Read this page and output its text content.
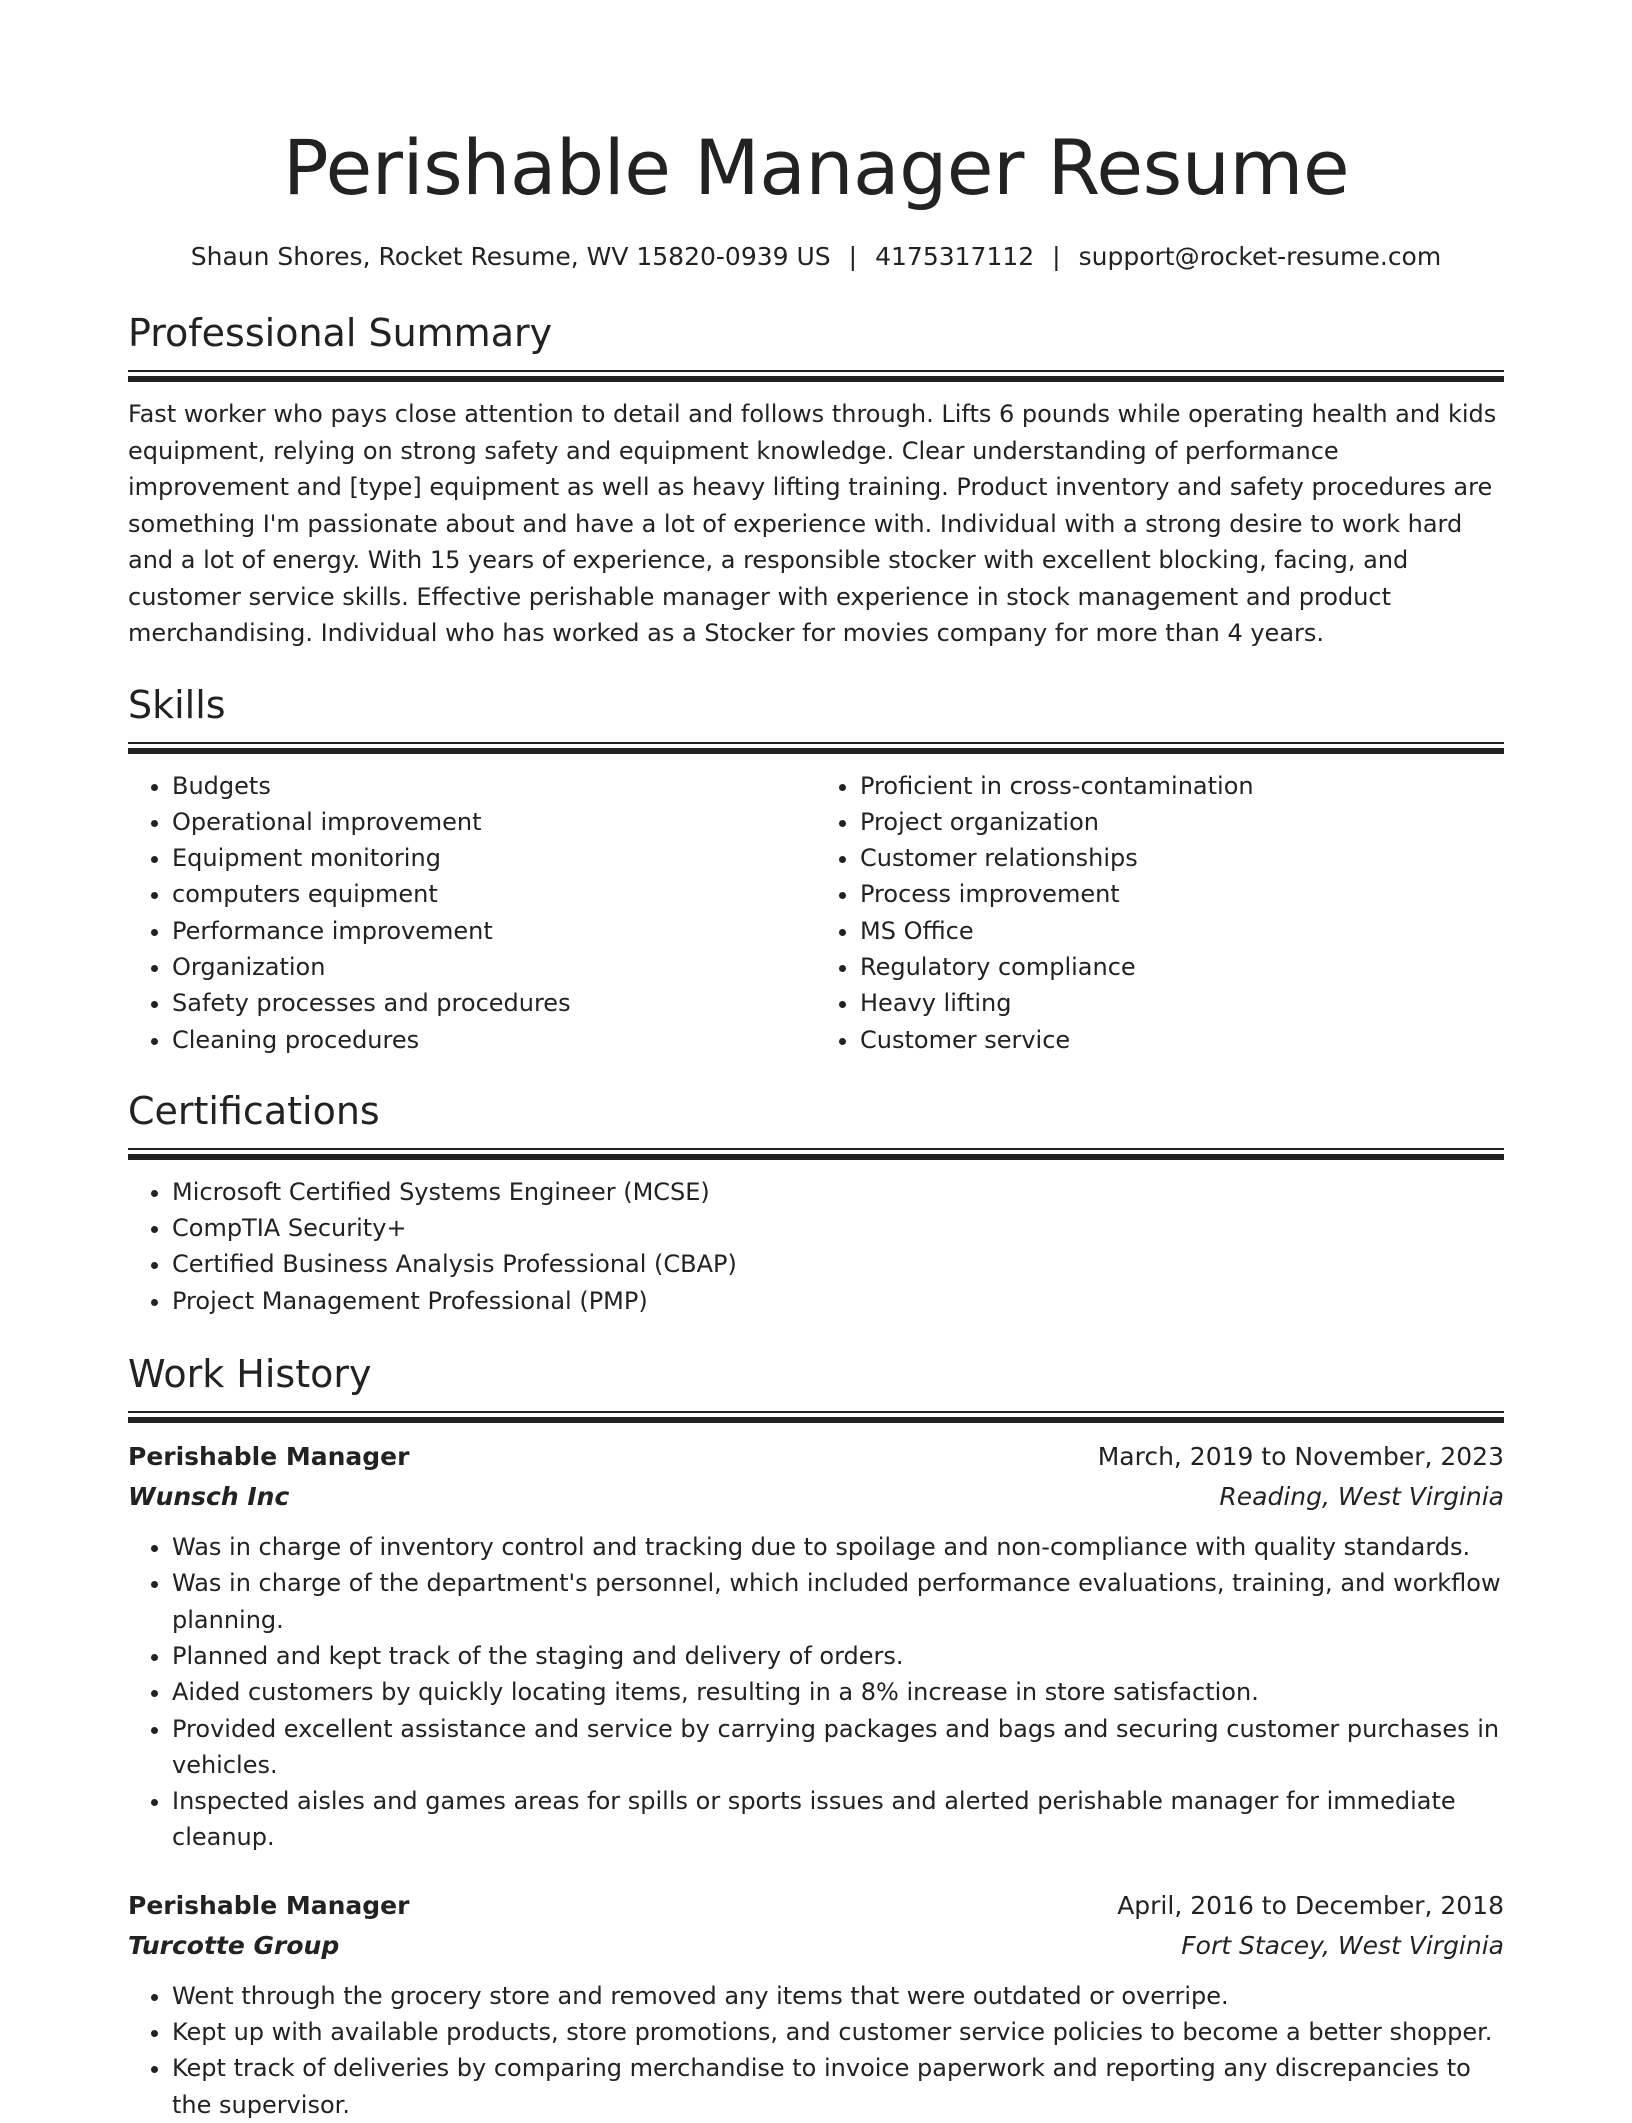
Perishable Manager Resume
Shaun Shores, Rocket Resume, WV 15820-0939 US | 4175317112 | support@rocket-resume.com
Professional Summary

Fast worker who pays close attention to detail and follows through. Lifts 6 pounds while operating health and kids equipment, relying on strong safety and equipment knowledge. Clear understanding of performance improvement and [type] equipment as well as heavy lifting training. Product inventory and safety procedures are something I'm passionate about and have a lot of experience with. Individual with a strong desire to work hard and a lot of energy. With 15 years of experience, a responsible stocker with excellent blocking, facing, and customer service skills. Effective perishable manager with experience in stock management and product merchandising. Individual who has worked as a Stocker for movies company for more than 4 years.

Skills
• Budgets
• Operational improvement
• Equipment monitoring
• computers equipment
• Performance improvement
• Organization
• Safety processes and procedures
• Cleaning procedures
• Proficient in cross-contamination
• Project organization
• Customer relationships
• Process improvement
• MS Office
• Regulatory compliance
• Heavy lifting
• Customer service
Certifications
• Microsoft Certified Systems Engineer (MCSE)
• CompTIA Security+
• Certified Business Analysis Professional (CBAP)
• Project Management Professional (PMP)
Work History
Perishable Manager	March, 2019 to November, 2023
Wunsch Inc	Reading, West Virginia
• Was in charge of inventory control and tracking due to spoilage and non-compliance with quality standards.
• Was in charge of the department's personnel, which included performance evaluations, training, and workflow planning.
• Planned and kept track of the staging and delivery of orders.
• Aided customers by quickly locating items, resulting in a 8% increase in store satisfaction.
• Provided excellent assistance and service by carrying packages and bags and securing customer purchases in vehicles.
• Inspected aisles and games areas for spills or sports issues and alerted perishable manager for immediate cleanup.
Perishable Manager	April, 2016 to December, 2018
Turcotte Group	Fort Stacey, West Virginia
• Went through the grocery store and removed any items that were outdated or overripe.
• Kept up with available products, store promotions, and customer service policies to become a better shopper.
• Kept track of deliveries by comparing merchandise to invoice paperwork and reporting any discrepancies to the supervisor.
